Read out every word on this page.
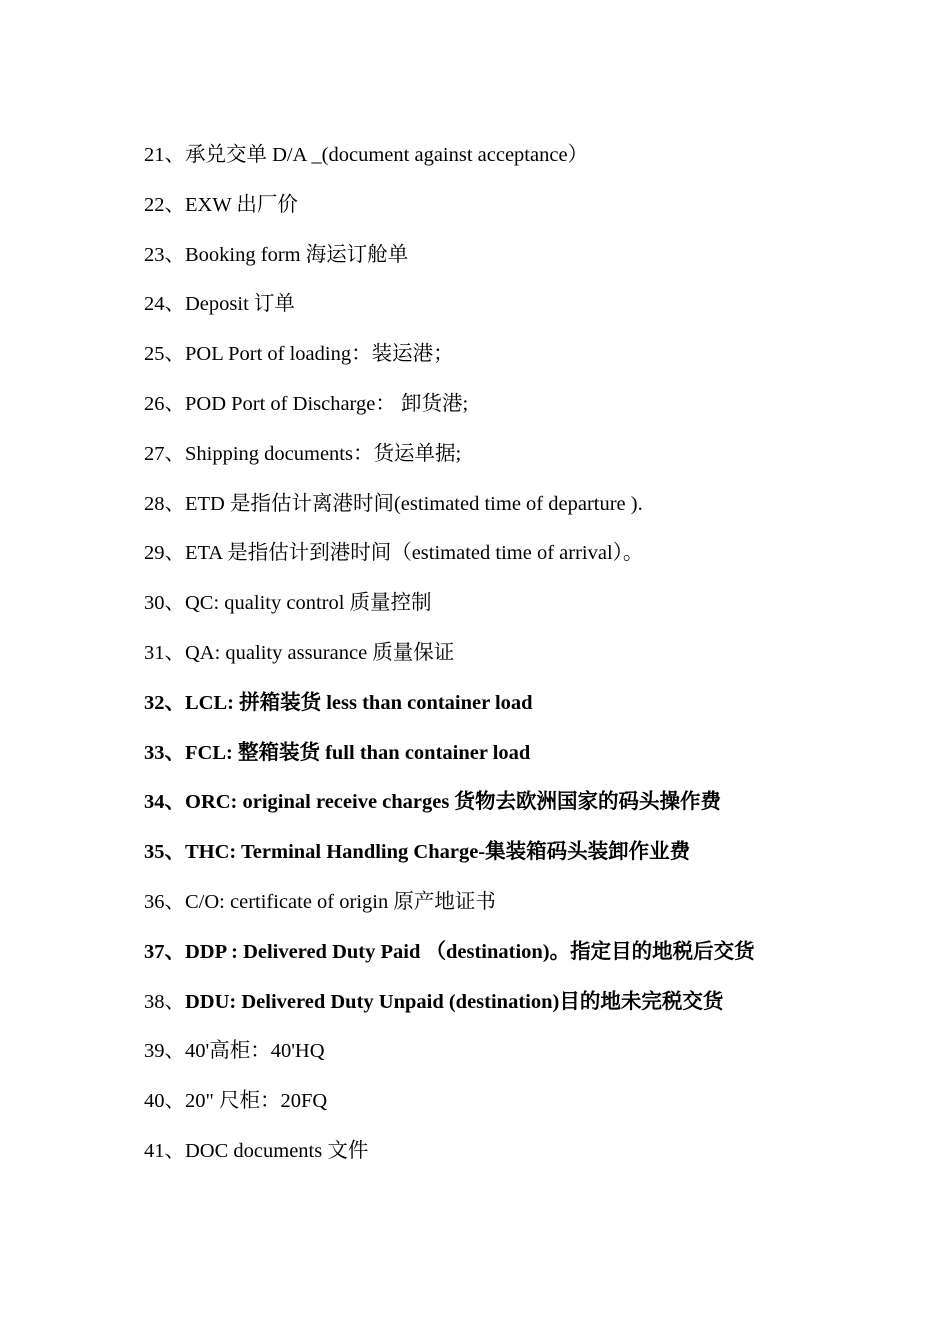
21、承兑交单 D/A _(document against acceptance）
22、EXW 出厂价
23、Booking form 海运订舱单
24、Deposit 订单
25、POL Port of loading：装运港；
26、POD Port of Discharge： 卸货港;
27、Shipping documents：货运单据;
28、ETD 是指估计离港时间(estimated time of departure ).
29、ETA 是指估计到港时间（estimated time of arrival）。
30、QC: quality control 质量控制
31、QA: quality assurance 质量保证
32、LCL: 拼箱装货 less than container load
33、FCL: 整箱装货 full than container load
34、ORC: original receive charges 货物去欧洲国家的码头操作费
35、THC: Terminal Handling Charge-集装箱码头装卸作业费
36、C/O: certificate of origin 原产地证书
37、DDP : Delivered Duty Paid （destination)。指定目的地税后交货
38、DDU: Delivered Duty Unpaid (destination)目的地未完税交货
39、40'高柜：40'HQ
40、20" 尺柜：20FQ
41、DOC documents 文件
